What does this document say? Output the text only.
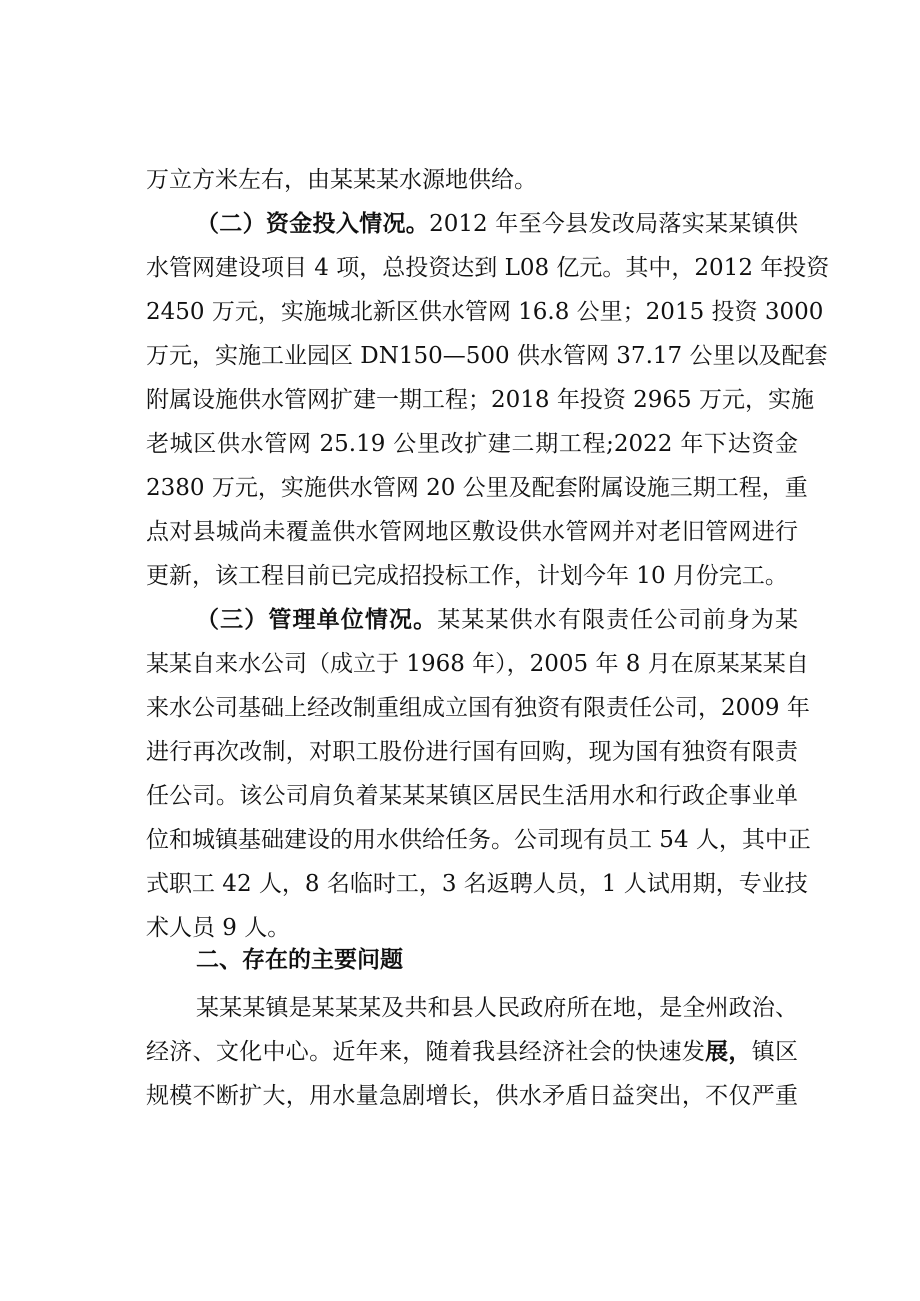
万立方米左右，由某某某水源地供给。
（二）资金投入情况。2012 年至今县发改局落实某某镇供
水管网建设项目 4 项，总投资达到 L08 亿元。其中，2012 年投资
2450 万元，实施城北新区供水管网 16.8 公里；2015 投资 3000
万元，实施工业园区 DN150—500 供水管网 37.17 公里以及配套
附属设施供水管网扩建一期工程；2018 年投资 2965 万元，实施
老城区供水管网 25.19 公里改扩建二期工程;2022 年下达资金
2380 万元，实施供水管网 20 公里及配套附属设施三期工程，重
点对县城尚未覆盖供水管网地区敷设供水管网并对老旧管网进行
更新，该工程目前已完成招投标工作，计划今年 10 月份完工。
（三）管理单位情况。某某某供水有限责任公司前身为某
某某自来水公司（成立于 1968 年），2005 年 8 月在原某某某自
来水公司基础上经改制重组成立国有独资有限责任公司，2009 年
进行再次改制，对职工股份进行国有回购，现为国有独资有限责
任公司。该公司肩负着某某某镇区居民生活用水和行政企事业单
位和城镇基础建设的用水供给任务。公司现有员工 54 人，其中正
式职工 42 人，8 名临时工，3 名返聘人员，1 人试用期，专业技
术人员 9 人。
二、存在的主要问题
某某某镇是某某某及共和县人民政府所在地，是全州政治、
经济、文化中心。近年来，随着我县经济社会的快速发展，镇区
规模不断扩大，用水量急剧增长，供水矛盾日益突出，不仅严重
